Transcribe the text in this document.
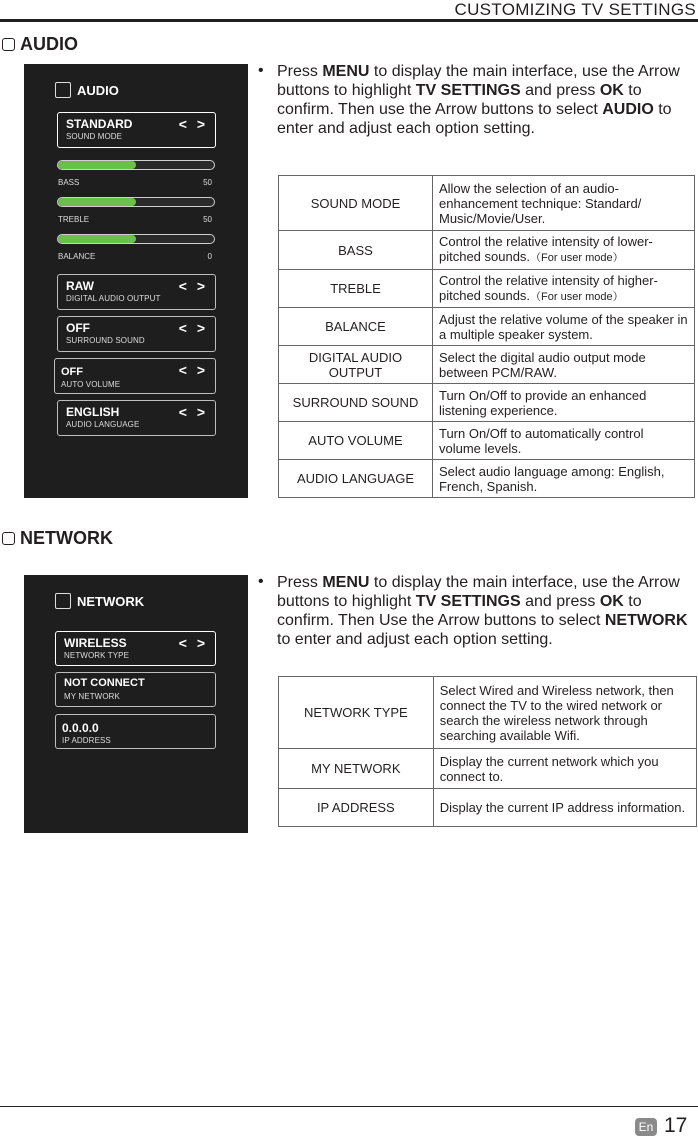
CUSTOMIZING TV SETTINGS
AUDIO
AUDIO
STANDARD
SOUND MODE
< >
BASS	50
TREBLE	50
BALANCE	0
RAW
DIGITAL AUDIO OUTPUT
< >
OFF
SURROUND SOUND
< >
OFF
AUTO VOLUME
< >
ENGLISH
AUDIO LANGUAGE
< >
• Press MENU to display the main interface, use the Arrow buttons to highlight TV SETTINGS and press OK to confirm. Then use the Arrow buttons to select AUDIO to enter and adjust each option setting.
SOUND MODE	Allow the selection of an audio-enhancement technique: Standard/ Music/Movie/User.
BASS	Control the relative intensity of lower-pitched sounds.（For user mode）
TREBLE	Control the relative intensity of higher-pitched sounds.（For user mode）
BALANCE	Adjust the relative volume of the speaker in a multiple speaker system.
DIGITAL AUDIO OUTPUT	Select the digital audio output mode between PCM/RAW.
SURROUND SOUND	Turn On/Off to provide an enhanced listening experience.
AUTO VOLUME	Turn On/Off to automatically control volume levels.
AUDIO LANGUAGE	Select audio language among: English, French, Spanish.
NETWORK
NETWORK
WIRELESS
NETWORK TYPE
< >
NOT CONNECT
MY NETWORK
0.0.0.0
IP ADDRESS
• Press MENU to display the main interface, use the Arrow buttons to highlight TV SETTINGS and press OK to confirm. Then Use the Arrow buttons to select NETWORK to enter and adjust each option setting.
NETWORK TYPE	Select Wired and Wireless network, then connect the TV to the wired network or search the wireless network through searching available Wifi.
MY NETWORK	Display the current network which you connect to.
IP ADDRESS	Display the current IP address information.
En 17
